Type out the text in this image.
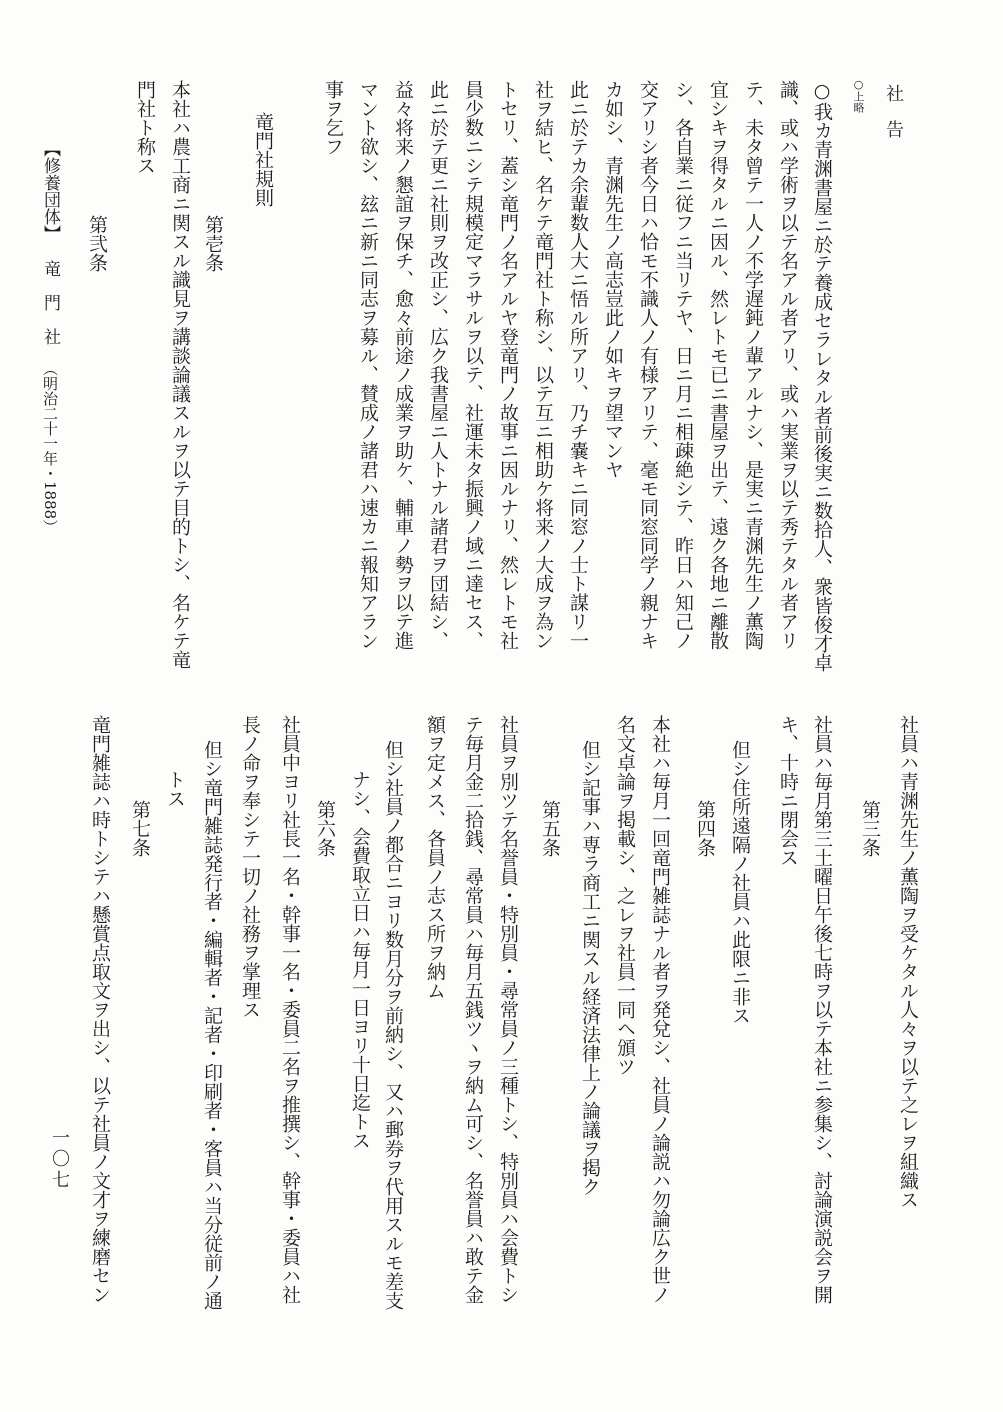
社　告
○上略
○我カ青渊書屋ニ於テ養成セラレタル者前後実ニ数拾人、衆皆俊才卓
識、或ハ学術ヲ以テ名アル者アリ、或ハ実業ヲ以テ秀テタル者アリ
テ、未タ曾テ一人ノ不学遅鈍ノ輩アルナシ、是実ニ青渊先生ノ薫陶
宜シキヲ得タルニ因ル、然レトモ已ニ書屋ヲ出テ、遠ク各地ニ離散
シ、各自業ニ従フニ当リテヤ、日ニ月ニ相疎絶シテ、昨日ハ知己ノ
交アリシ者今日ハ恰モ不識人ノ有様アリテ、毫モ同窓同学ノ親ナキ
カ如シ、青渊先生ノ高志豈此ノ如キヲ望マンヤ
此ニ於テカ余輩数人大ニ悟ル所アリ、乃チ嚢キニ同窓ノ士ト謀リ一
社ヲ結ヒ、名ケテ竜門社ト称シ、以テ互ニ相助ケ将来ノ大成ヲ為ン
トセリ、蓋シ竜門ノ名アルヤ登竜門ノ故事ニ因ルナリ、然レトモ社
員少数ニシテ規模定マラサルヲ以テ、社運未タ振興ノ域ニ達セス、
此ニ於テ更ニ社則ヲ改正シ、広ク我書屋ニ人トナル諸君ヲ団結シ、
益々将来ノ懇誼ヲ保チ、愈々前途ノ成業ヲ助ケ、輔車ノ勢ヲ以テ進
マント欲シ、玆ニ新ニ同志ヲ募ル、賛成ノ諸君ハ速カニ報知アラン
事ヲ乞フ
竜門社規則
第壱条
本社ハ農工商ニ関スル識見ヲ講談論議スルヲ以テ目的トシ、名ケテ竜
門社ト称ス
第弐条
【修養団体】竜　門　社（明治二十一年・1888）
社員ハ青渊先生ノ薫陶ヲ受ケタル人々ヲ以テ之レヲ組織ス
第三条
社員ハ毎月第三土曜日午後七時ヲ以テ本社ニ参集シ、討論演説会ヲ開
キ、十時ニ閉会ス
但シ住所遠隔ノ社員ハ此限ニ非ス
第四条
本社ハ毎月一回竜門雑誌ナル者ヲ発兌シ、社員ノ論説ハ勿論広ク世ノ
名文卓論ヲ掲載シ、之レヲ社員一同ヘ頒ツ
但シ記事ハ専ラ商工ニ関スル経済法律上ノ論議ヲ掲ク
第五条
社員ヲ別ツテ名誉員・特別員・尋常員ノ三種トシ、特別員ハ会費トシ
テ毎月金二拾銭、尋常員ハ毎月五銭ツヽヲ納ム可シ、名誉員ハ敢テ金
額ヲ定メス、各員ノ志ス所ヲ納ム
但シ社員ノ都合ニヨリ数月分ヲ前納シ、又ハ郵券ヲ代用スルモ差支
ナシ、会費取立日ハ毎月一日ヨリ十日迄トス
第六条
社員中ヨリ社長一名・幹事一名・委員二名ヲ推撰シ、幹事・委員ハ社
長ノ命ヲ奉シテ一切ノ社務ヲ掌理ス
但シ竜門雑誌発行者・編輯者・記者・印刷者・客員ハ当分従前ノ通
トス
第七条
竜門雑誌ハ時トシテハ懸賞点取文ヲ出シ、以テ社員ノ文才ヲ練磨セン
一〇七
